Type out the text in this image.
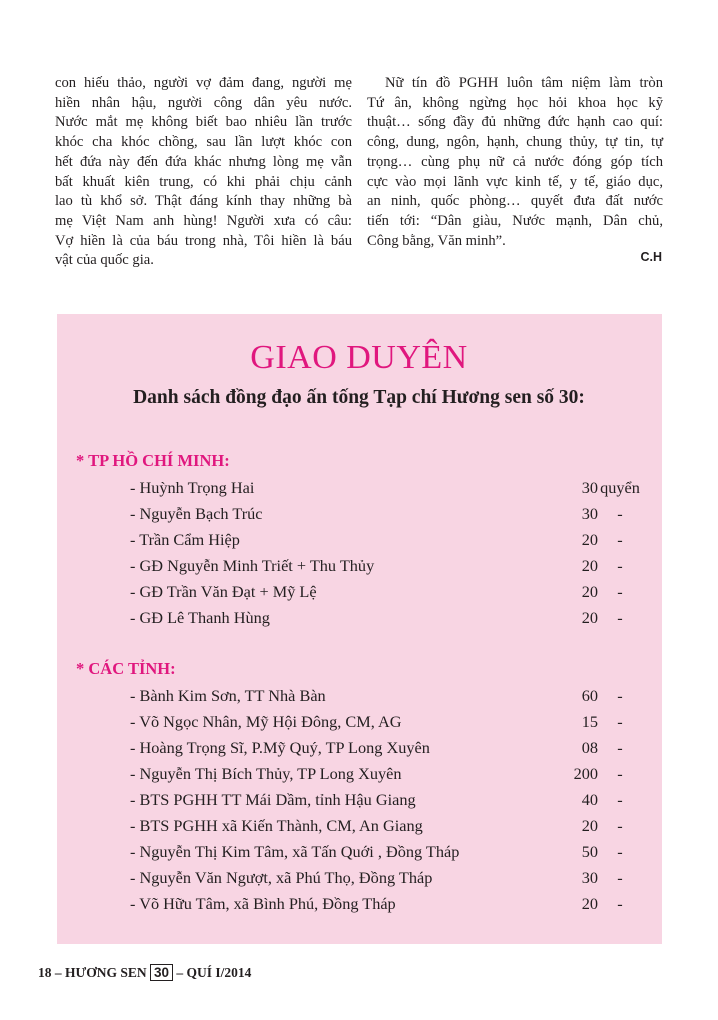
con hiếu thảo, người vợ đảm đang, người mẹ
hiền nhân hậu, người công dân yêu nước.
Nước mắt mẹ không biết bao nhiêu lần trước
khóc cha khóc chồng, sau lần lượt khóc con
hết đứa này đến đứa khác nhưng lòng mẹ vẫn
bất khuất kiên trung, có khi phải chịu cảnh
lao tù khổ sở. Thật đáng kính thay những bà
mẹ Việt Nam anh hùng! Người xưa có câu:
Vợ hiền là của báu trong nhà, Tôi hiền là báu
vật của quốc gia.
Nữ tín đồ PGHH luôn tâm niệm làm tròn
Tứ ân, không ngừng học hỏi khoa học kỹ
thuật… sống đầy đủ những đức hạnh cao quí:
công, dung, ngôn, hạnh, chung thủy, tự tin, tự
trọng… cùng phụ nữ cả nước đóng góp tích
cực vào mọi lãnh vực kinh tế, y tế, giáo dục,
an ninh, quốc phòng… quyết đưa đất nước
tiến tới: “Dân giàu, Nước mạnh, Dân chủ,
Công bằng, Văn minh”.
C.H
GIAO DUYÊN
Danh sách đồng đạo ấn tống Tạp chí Hương sen số 30:
* TP HỒ CHÍ MINH:
- Huỳnh Trọng Hai	30 quyển
- Nguyễn Bạch Trúc	30	-
- Trần Cẩm Hiệp	20	-
- GĐ Nguyễn Minh Triết + Thu Thủy	20	-
- GĐ Trần Văn Đạt + Mỹ Lệ	20	-
- GĐ Lê Thanh Hùng	20	-
* CÁC TỈNH:
- Bành Kim Sơn, TT Nhà Bàn	60	-
- Võ Ngọc Nhân, Mỹ Hội Đông, CM, AG	15	-
- Hoàng Trọng Sĩ, P.Mỹ Quý, TP Long Xuyên	08	-
- Nguyễn Thị Bích Thủy, TP Long Xuyên	200	-
- BTS PGHH TT Mái Dầm, tỉnh Hậu Giang	40	-
- BTS PGHH xã Kiến Thành, CM, An Giang	20	-
- Nguyễn Thị Kim Tâm, xã Tấn Quới , Đồng Tháp	50	-
- Nguyễn Văn Ngượt, xã Phú Thọ, Đồng Tháp	30	-
- Võ Hữu Tâm, xã Bình Phú, Đồng Tháp	20	-
18 – HƯƠNG SEN 30 – QUÍ I/2014
